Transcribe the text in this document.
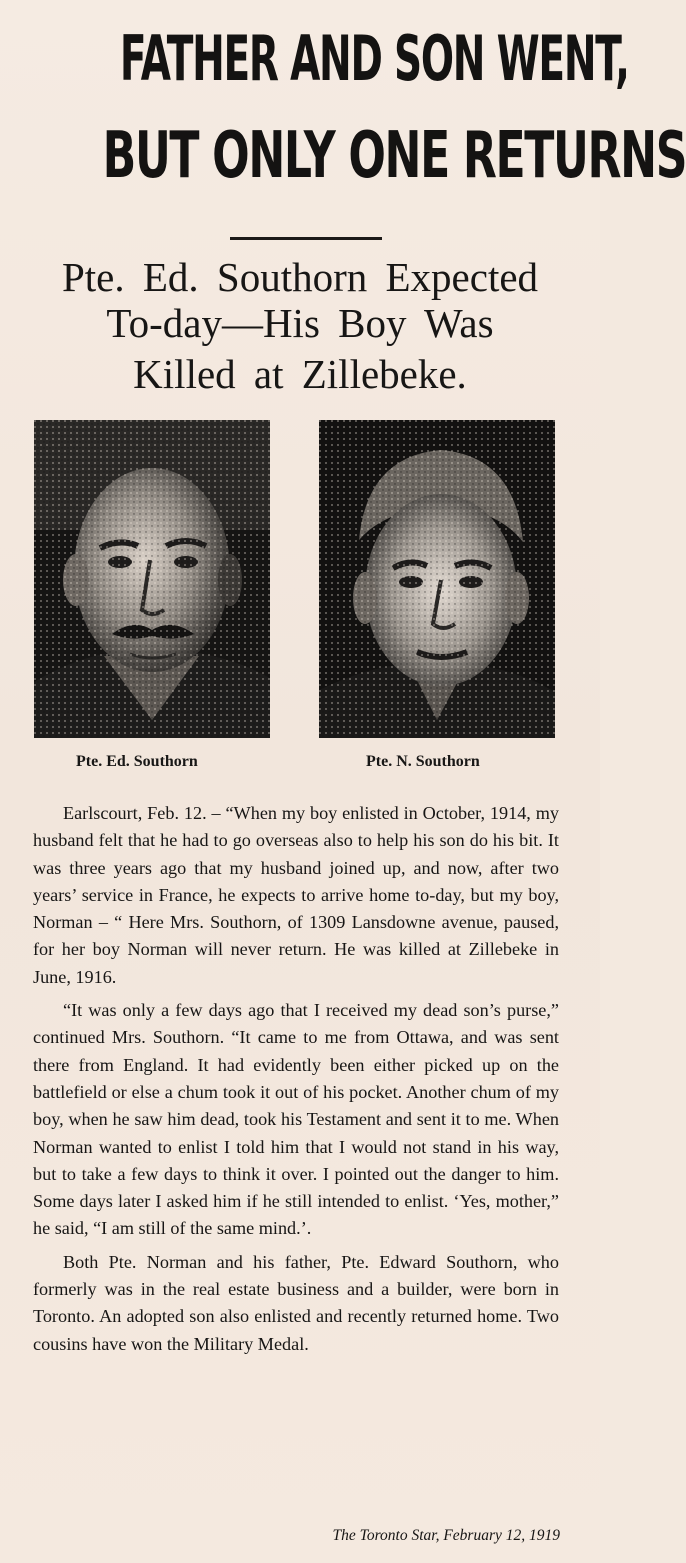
FATHER AND SON WENT,
BUT ONLY ONE RETURNS
Pte. Ed. Southorn Expected
To-day—His Boy Was
Killed at Zillebeke.
Pte. Ed. Southorn	Pte. N. Southorn

Earlscourt, Feb. 12. – “When my boy enlisted in October, 1914, my husband felt that he had to go overseas also to help his son do his bit. It was three years ago that my husband joined up, and now, after two years’ service in France, he expects to arrive home to-day, but my boy, Norman – “ Here Mrs. Southorn, of 1309 Lansdowne avenue, paused, for her boy Norman will never return. He was killed at Zillebeke in June, 1916.

“It was only a few days ago that I received my dead son’s purse,” continued Mrs. Southorn. “It came to me from Ottawa, and was sent there from England. It had evidently been either picked up on the battlefield or else a chum took it out of his pocket. Another chum of my boy, when he saw him dead, took his Testament and sent it to me. When Norman wanted to enlist I told him that I would not stand in his way, but to take a few days to think it over. I pointed out the danger to him. Some days later I asked him if he still intended to enlist. ‘Yes, mother,” he said, “I am still of the same mind.’.

Both Pte. Norman and his father, Pte. Edward Southorn, who formerly was in the real estate business and a builder, were born in Toronto. An adopted son also enlisted and recently returned home. Two cousins have won the Military Medal.

The Toronto Star, February 12, 1919
